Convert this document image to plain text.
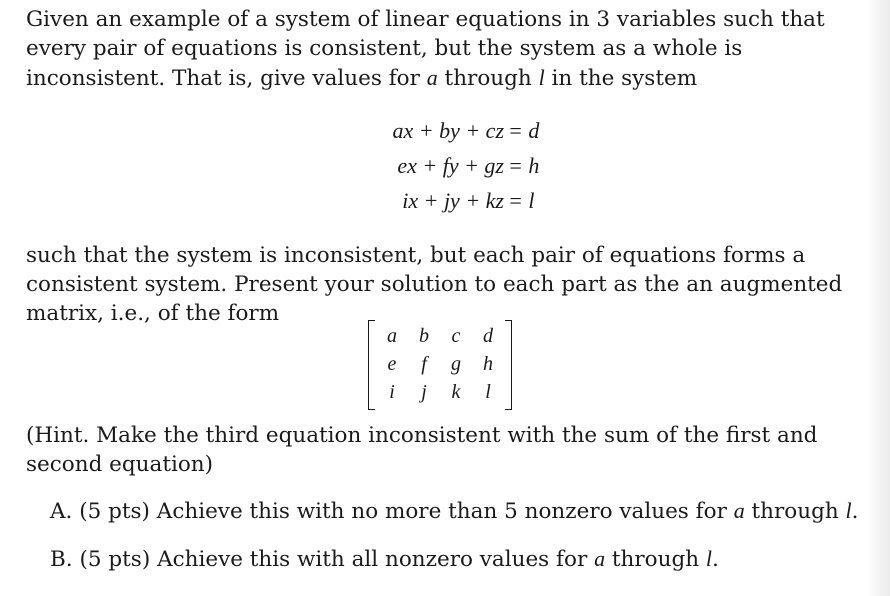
Given an example of a system of linear equations in 3 variables such that every pair of equations is consistent, but the system as a whole is inconsistent. That is, give values for a through l in the system
ax + by + cz = d
ex + fy + gz = h
ix + jy + kz = l
such that the system is inconsistent, but each pair of equations forms a consistent system. Present your solution to each part as the an augmented matrix, i.e., of the form
a	b	c	d
e	f	g	h
i	j	k	l
(Hint. Make the third equation inconsistent with the sum of the first and second equation)
A. (5 pts) Achieve this with no more than 5 nonzero values for a through l.
B. (5 pts) Achieve this with all nonzero values for a through l.
